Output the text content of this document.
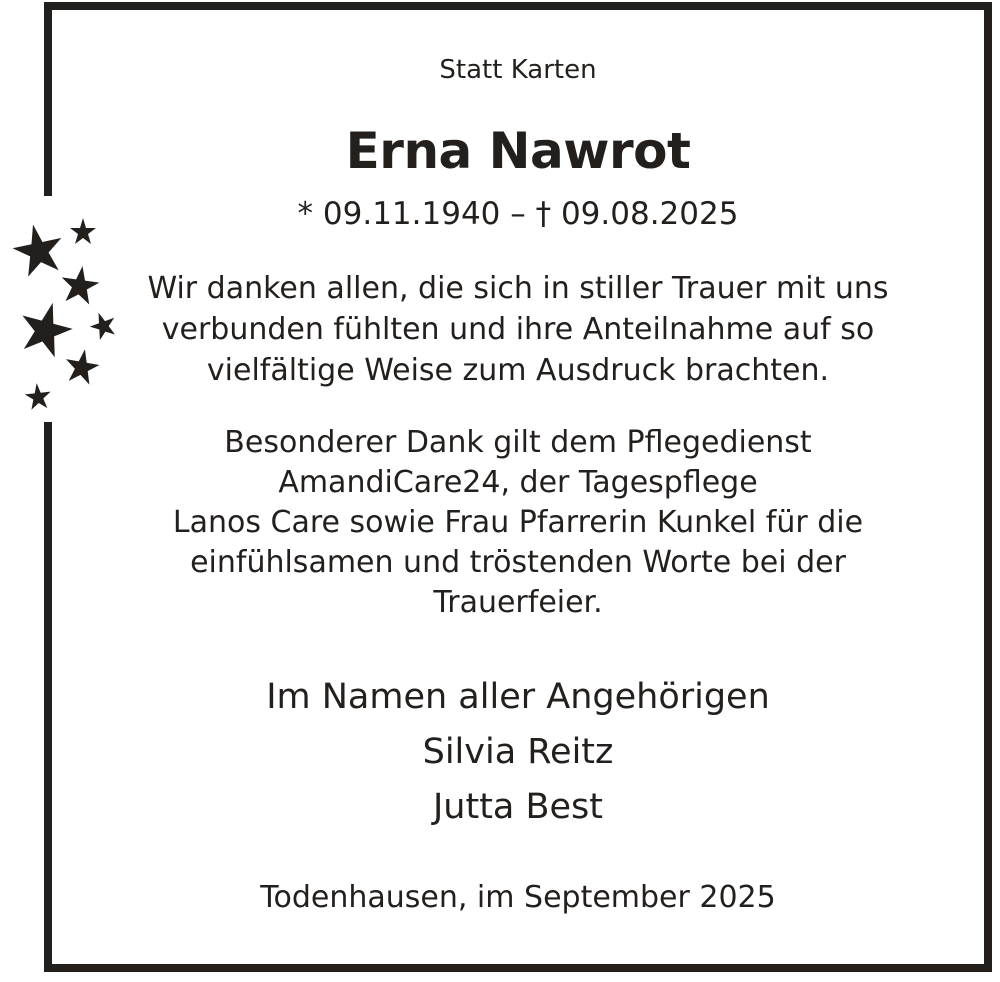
Statt Karten
Erna Nawrot
* 09.11.1940 – † 09.08.2025
Wir danken allen, die sich in stiller Trauer mit uns
verbunden fühlten und ihre Anteilnahme auf so
vielfältige Weise zum Ausdruck brachten.
Besonderer Dank gilt dem Pflegedienst
AmandiCare24, der Tagespflege
Lanos Care sowie Frau Pfarrerin Kunkel für die
einfühlsamen und tröstenden Worte bei der
Trauerfeier.
Im Namen aller Angehörigen
Silvia Reitz
Jutta Best
Todenhausen, im September 2025
